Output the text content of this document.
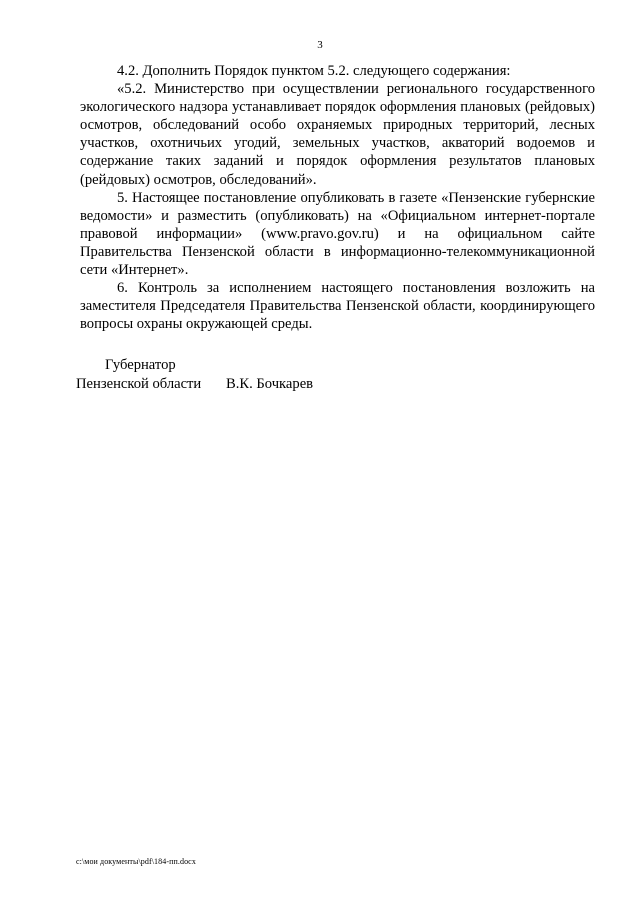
3

4.2. Дополнить Порядок пунктом 5.2. следующего содержания:

«5.2. Министерство при осуществлении регионального государственного экологического надзора устанавливает порядок оформления плановых (рейдовых) осмотров, обследований особо охраняемых природных территорий, лесных участков, охотничьих угодий, земельных участков, акваторий водоемов и содержание таких заданий и порядок оформления результатов плановых (рейдовых) осмотров, обследований».

5. Настоящее постановление опубликовать в газете «Пензенские губернские ведомости» и разместить (опубликовать) на «Официальном интернет-портале правовой информации» (www.pravo.gov.ru) и на официальном сайте Правительства Пензенской области в информационно-телекоммуникационной сети «Интернет».

6. Контроль за исполнением настоящего постановления возложить на заместителя Председателя Правительства Пензенской области, координирующего вопросы охраны окружающей среды.

Губернатор
Пензенской области	В.К. Бочкарев
c:\мои документы\pdf\184-пп.docx
